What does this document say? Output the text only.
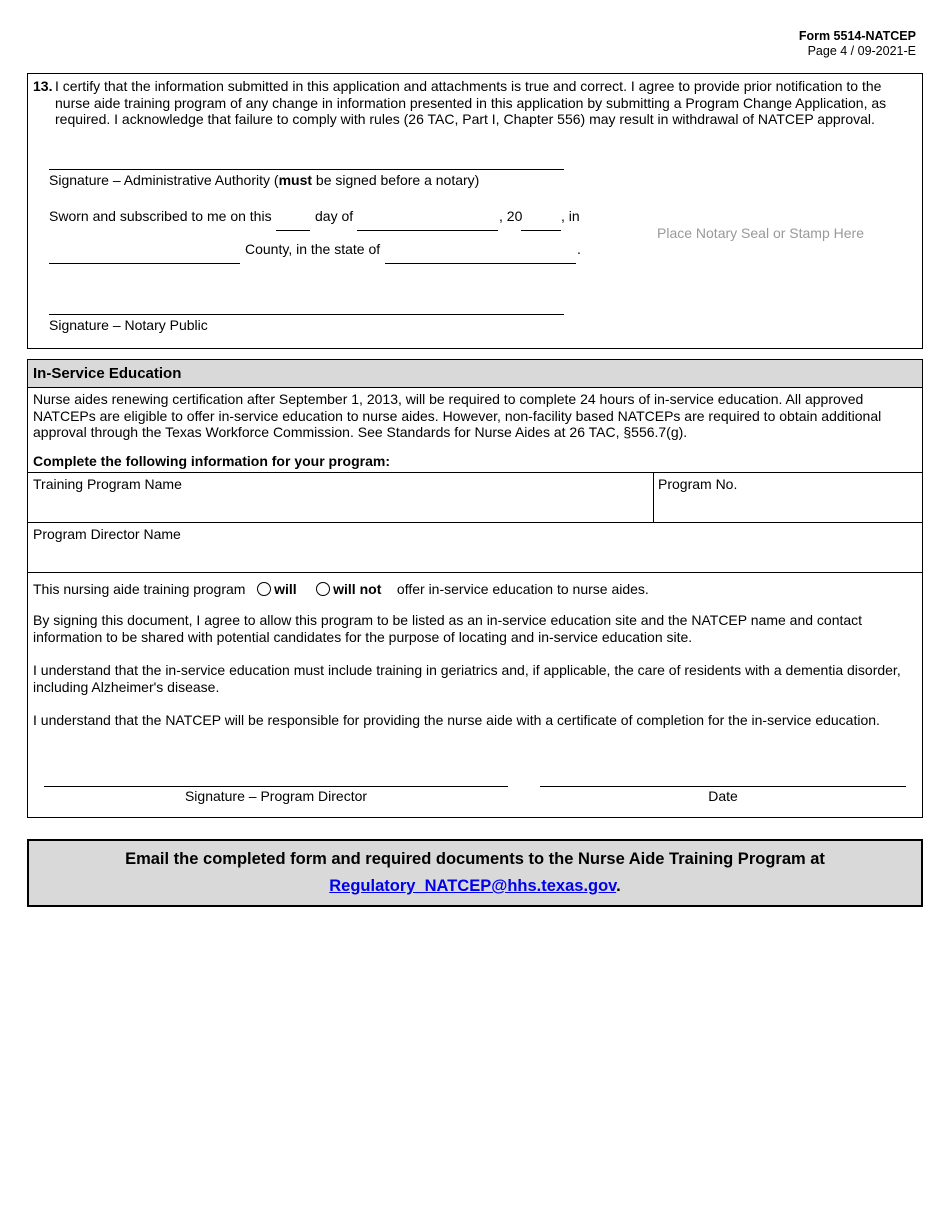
Form 5514-NATCEP
Page 4 / 09-2021-E
13. I certify that the information submitted in this application and attachments is true and correct. I agree to provide prior notification to the nurse aide training program of any change in information presented in this application by submitting a Program Change Application, as required. I acknowledge that failure to comply with rules (26 TAC, Part I, Chapter 556) may result in withdrawal of NATCEP approval.
Signature – Administrative Authority (must be signed before a notary)
Sworn and subscribed to me on this	day of	, 20	, in
County, in the state of	.
Place Notary Seal or Stamp Here
Signature – Notary Public
In-Service Education
Nurse aides renewing certification after September 1, 2013, will be required to complete 24 hours of in-service education. All approved NATCEPs are eligible to offer in-service education to nurse aides. However, non-facility based NATCEPs are required to obtain additional approval through the Texas Workforce Commission. See Standards for Nurse Aides at 26 TAC, §556.7(g).
Complete the following information for your program:
Training Program Name	Program No.
Program Director Name
This nursing aide training program will	will not offer in-service education to nurse aides.
By signing this document, I agree to allow this program to be listed as an in-service education site and the NATCEP name and contact information to be shared with potential candidates for the purpose of locating and in-service education site.
I understand that the in-service education must include training in geriatrics and, if applicable, the care of residents with a dementia disorder, including Alzheimer's disease.
I understand that the NATCEP will be responsible for providing the nurse aide with a certificate of completion for the in-service education.
Signature – Program Director	Date
Email the completed form and required documents to the Nurse Aide Training Program at
Regulatory_NATCEP@hhs.texas.gov.
